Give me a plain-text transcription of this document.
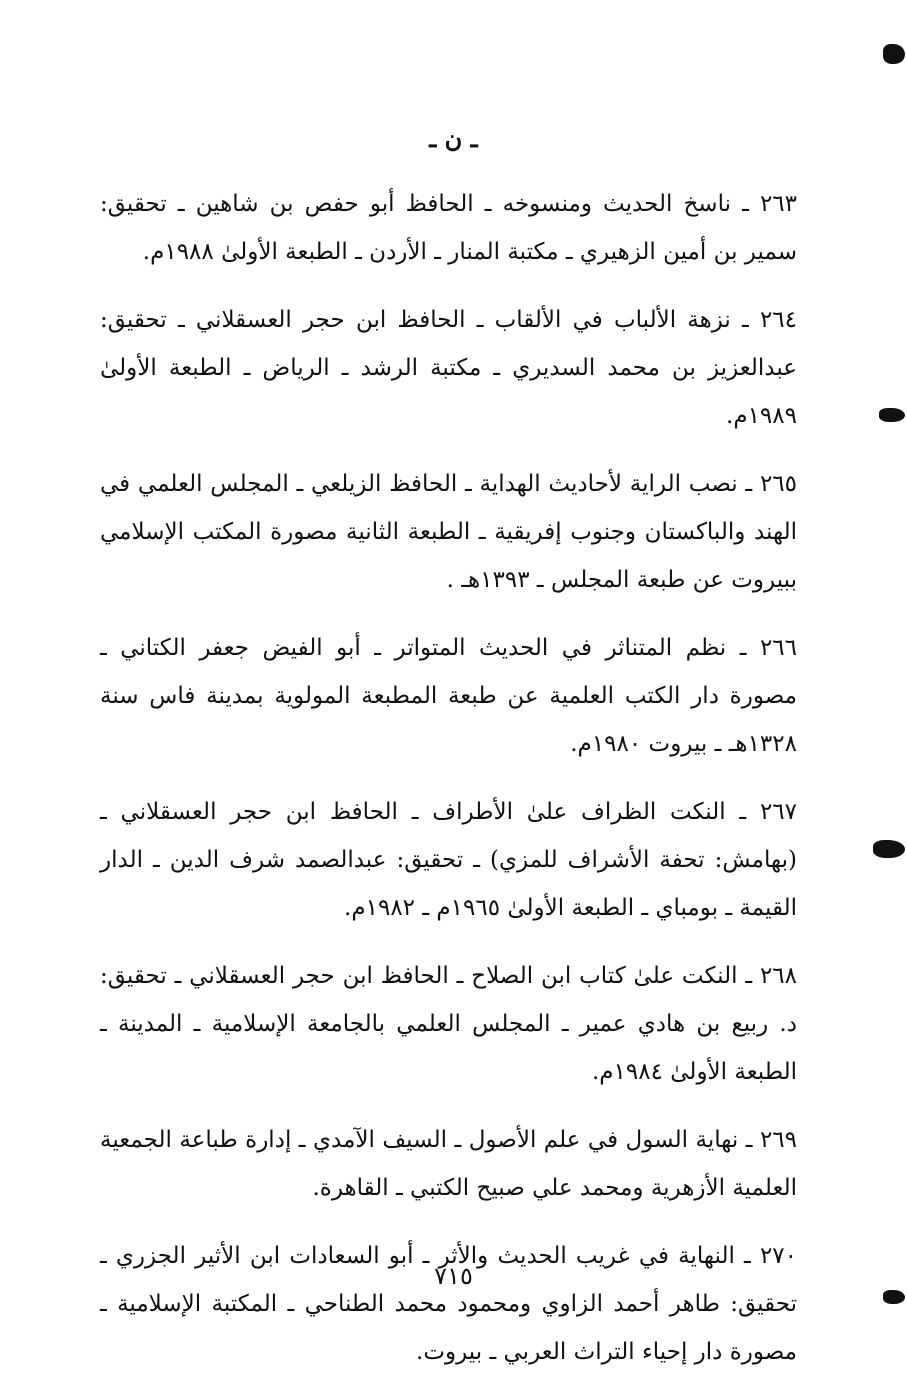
ـ ن ـ

٢٦٣ ـ ناسخ الحديث ومنسوخه ـ الحافظ أبو حفص بن شاهين ـ تحقيق: سمير بن أمين الزهيري ـ مكتبة المنار ـ الأردن ـ الطبعة الأولىٰ ١٩٨٨م.

٢٦٤ ـ نزهة الألباب في الألقاب ـ الحافظ ابن حجر العسقلاني ـ تحقيق: عبدالعزيز بن محمد السديري ـ مكتبة الرشد ـ الرياض ـ الطبعة الأولىٰ ١٩٨٩م.

٢٦٥ ـ نصب الراية لأحاديث الهداية ـ الحافظ الزيلعي ـ المجلس العلمي في الهند والباكستان وجنوب إفريقية ـ الطبعة الثانية مصورة المكتب الإسلامي ببيروت عن طبعة المجلس ـ ١٣٩٣هـ .

٢٦٦ ـ نظم المتناثر في الحديث المتواتر ـ أبو الفيض جعفر الكتاني ـ مصورة دار الكتب العلمية عن طبعة المطبعة المولوية بمدينة فاس سنة ١٣٢٨هـ ـ بيروت ١٩٨٠م.

٢٦٧ ـ النكت الظراف علىٰ الأطراف ـ الحافظ ابن حجر العسقلاني ـ (بهامش: تحفة الأشراف للمزي) ـ تحقيق: عبدالصمد شرف الدين ـ الدار القيمة ـ بومباي ـ الطبعة الأولىٰ ١٩٦٥م ـ ١٩٨٢م.

٢٦٨ ـ النكت علىٰ كتاب ابن الصلاح ـ الحافظ ابن حجر العسقلاني ـ تحقيق: د. ربيع بن هادي عمير ـ المجلس العلمي بالجامعة الإسلامية ـ المدينة ـ الطبعة الأولىٰ ١٩٨٤م.

٢٦٩ ـ نهاية السول في علم الأصول ـ السيف الآمدي ـ إدارة طباعة الجمعية العلمية الأزهرية ومحمد علي صبيح الكتبي ـ القاهرة.

٢٧٠ ـ النهاية في غريب الحديث والأثر ـ أبو السعادات ابن الأثير الجزري ـ تحقيق: طاهر أحمد الزاوي ومحمود محمد الطناحي ـ المكتبة الإسلامية ـ مصورة دار إحياء التراث العربي ـ بيروت.

٧١٥
